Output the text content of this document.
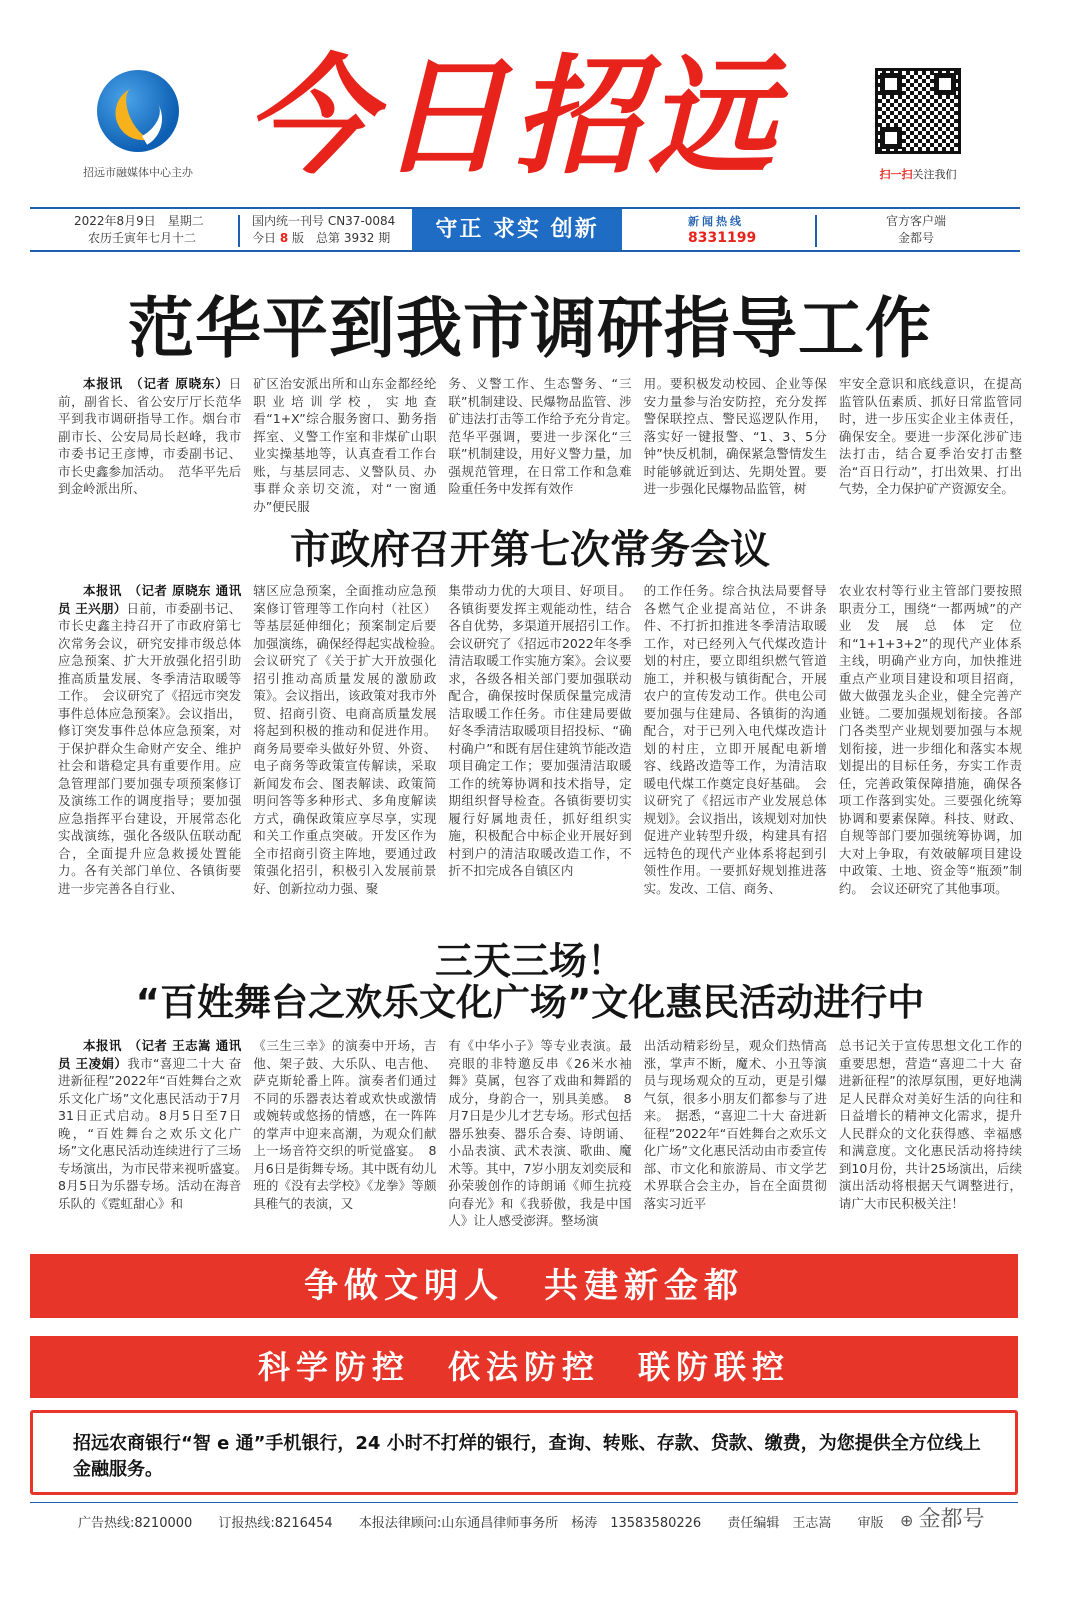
招远市融媒体中心主办 今日招远	扫一扫关注我们
2022年8月9日　星期二
农历壬寅年七月十二
国内统一刊号 CN37-0084
今日 8 版　总第 3932 期	守正 求实 创新	新闻热线
8331199
官方客户端
金都号
范华平到我市调研指导工作

本报讯　（记者 原晓东）日前，副省长、省公安厅厅长范华平到我市调研指导工作。烟台市副市长、公安局局长赵峰，我市市委书记王彦博，市委副书记、市长史鑫参加活动。　范华平先后到金岭派出所、

矿区治安派出所和山东金都经纶职业培训学校，实地查看“1+X”综合服务窗口、勤务指挥室、义警工作室和非煤矿山职业实操基地等，认真查看工作台账，与基层同志、义警队员、办事群众亲切交流，对“一窗通办”便民服

务、义警工作、生态警务、“三联”机制建设、民爆物品监管、涉矿违法打击等工作给予充分肯定。　范华平强调，要进一步深化“三联”机制建设，用好义警力量，加强规范管理，在日常工作和急难险重任务中发挥有效作

用。要积极发动校园、企业等保安力量参与治安防控，充分发挥警保联控点、警民巡逻队作用，落实好一键报警、“1、3、5分钟”快反机制，确保紧急警情发生时能够就近到达、先期处置。要进一步强化民爆物品监管，树

牢安全意识和底线意识，在提高监管队伍素质、抓好日常监管同时，进一步压实企业主体责任，确保安全。要进一步深化涉矿违法打击，结合夏季治安打击整治“百日行动”，打出效果、打出气势，全力保护矿产资源安全。

市政府召开第七次常务会议

本报讯　（记者 原晓东 通讯员 王兴朋）日前，市委副书记、市长史鑫主持召开了市政府第七次常务会议，研究安排市级总体应急预案、扩大开放强化招引助推高质量发展、冬季清洁取暖等工作。　会议研究了《招远市突发事件总体应急预案》。会议指出，修订突发事件总体应急预案，对于保护群众生命财产安全、维护社会和谐稳定具有重要作用。应急管理部门要加强专项预案修订及演练工作的调度指导；要加强应急指挥平台建设，开展常态化实战演练，强化各级队伍联动配合，全面提升应急救援处置能力。各有关部门单位、各镇街要进一步完善各自行业、

辖区应急预案，全面推动应急预案修订管理等工作向村（社区）等基层延伸细化；预案制定后要加强演练，确保经得起实战检验。　会议研究了《关于扩大开放强化招引推动高质量发展的激励政策》。会议指出，该政策对我市外贸、招商引资、电商高质量发展将起到积极的推动和促进作用。商务局要牵头做好外贸、外资、电子商务等政策宣传解读，采取新闻发布会、图表解读、政策简明问答等多种形式、多角度解读方式，确保政策应享尽享，实现和关工作重点突破。开发区作为全市招商引资主阵地，要通过政策强化招引，积极引入发展前景好、创新拉动力强、聚

集带动力优的大项目、好项目。各镇街要发挥主观能动性，结合各自优势，多渠道开展招引工作。　会议研究了《招远市2022年冬季清洁取暖工作实施方案》。会议要求，各级各相关部门要加强联动配合，确保按时保质保量完成清洁取暖工作任务。市住建局要做好冬季清洁取暖项目招投标、“确村确户”和既有居住建筑节能改造项目确定工作；要加强清洁取暖工作的统筹协调和技术指导，定期组织督导检查。各镇街要切实履行好属地责任，抓好组织实施，积极配合中标企业开展好到村到户的清洁取暖改造工作，不折不扣完成各自镇区内

的工作任务。综合执法局要督导各燃气企业提高站位，不讲条件、不打折扣推进冬季清洁取暖工作，对已经列入气代煤改造计划的村庄，要立即组织燃气管道施工，并积极与镇街配合，开展农户的宣传发动工作。供电公司要加强与住建局、各镇街的沟通配合，对于已列入电代煤改造计划的村庄，立即开展配电新增容、线路改造等工作，为清洁取暖电代煤工作奠定良好基础。　会议研究了《招远市产业发展总体规划》。会议指出，该规划对加快促进产业转型升级，构建具有招远特色的现代产业体系将起到引领性作用。一要抓好规划推进落实。发改、工信、商务、

农业农村等行业主管部门要按照职责分工，围绕“一都两城”的产业发展总体定位和“1+1+3+2”的现代产业体系主线，明确产业方向，加快推进重点产业项目建设和项目招商，做大做强龙头企业，健全完善产业链。二要加强规划衔接。各部门各类型产业规划要加强与本规划衔接，进一步细化和落实本规划提出的目标任务，夯实工作责任，完善政策保障措施，确保各项工作落到实处。三要强化统筹协调和要素保障。科技、财政、自规等部门要加强统筹协调，加大对上争取，有效破解项目建设中政策、土地、资金等“瓶颈”制约。　会议还研究了其他事项。

三天三场！
“百姓舞台之欢乐文化广场”文化惠民活动进行中

本报讯　（记者 王志嵩 通讯员 王凌娟）我市“喜迎二十大 奋进新征程”2022年“百姓舞台之欢乐文化广场”文化惠民活动于7月31日正式启动。8月5日至7日晚，“百姓舞台之欢乐文化广场”文化惠民活动连续进行了三场专场演出，为市民带来视听盛宴。　8月5日为乐器专场。活动在海音乐队的《霓虹甜心》和

《三生三幸》的演奏中开场，吉他、架子鼓、大乐队、电吉他、萨克斯轮番上阵。演奏者们通过不同的乐器表达着或欢快或激情或婉转或悠扬的情感，在一阵阵的掌声中迎来高潮，为观众们献上一场音符交织的听觉盛宴。　8月6日是街舞专场。其中既有幼儿班的《没有去学校》《龙拳》等颇具稚气的表演，又

有《中华小子》等专业表演。最亮眼的非特邀反串《26米水袖舞》莫属，包容了戏曲和舞蹈的成分，身韵合一，别具美感。　8月7日是少儿才艺专场。形式包括器乐独奏、器乐合奏、诗朗诵、小品表演、武术表演、歌曲、魔术等。其中，7岁小朋友刘奕辰和孙荣骏创作的诗朗诵《师生抗疫向春光》和《我骄傲，我是中国人》让人感受澎湃。整场演

出活动精彩纷呈，观众们热情高涨，掌声不断，魔术、小丑等演员与现场观众的互动，更是引爆气氛，很多小朋友们都参与了进来。　据悉，“喜迎二十大 奋进新征程”2022年“百姓舞台之欢乐文化广场”文化惠民活动由市委宣传部、市文化和旅游局、市文学艺术界联合会主办，旨在全面贯彻落实习近平

总书记关于宣传思想文化工作的重要思想，营造“喜迎二十大 奋进新征程”的浓厚氛围，更好地满足人民群众对美好生活的向往和日益增长的精神文化需求，提升人民群众的文化获得感、幸福感和满意度。文化惠民活动将持续到10月份，共计25场演出，后续演出活动将根据天气调整进行，请广大市民积极关注！

争做文明人　共建新金都
科学防控　依法防控　联防联控
招远农商银行“智 e 通”手机银行，24 小时不打烊的银行，查询、转账、存款、贷款、缴费，为您提供全方位线上金融服务。
广告热线:8210000 订报热线:8216454 本报法律顾问:山东通昌律师事务所　杨涛　13583580226 责任编辑　王志嵩 审版	⊕ 金都号
